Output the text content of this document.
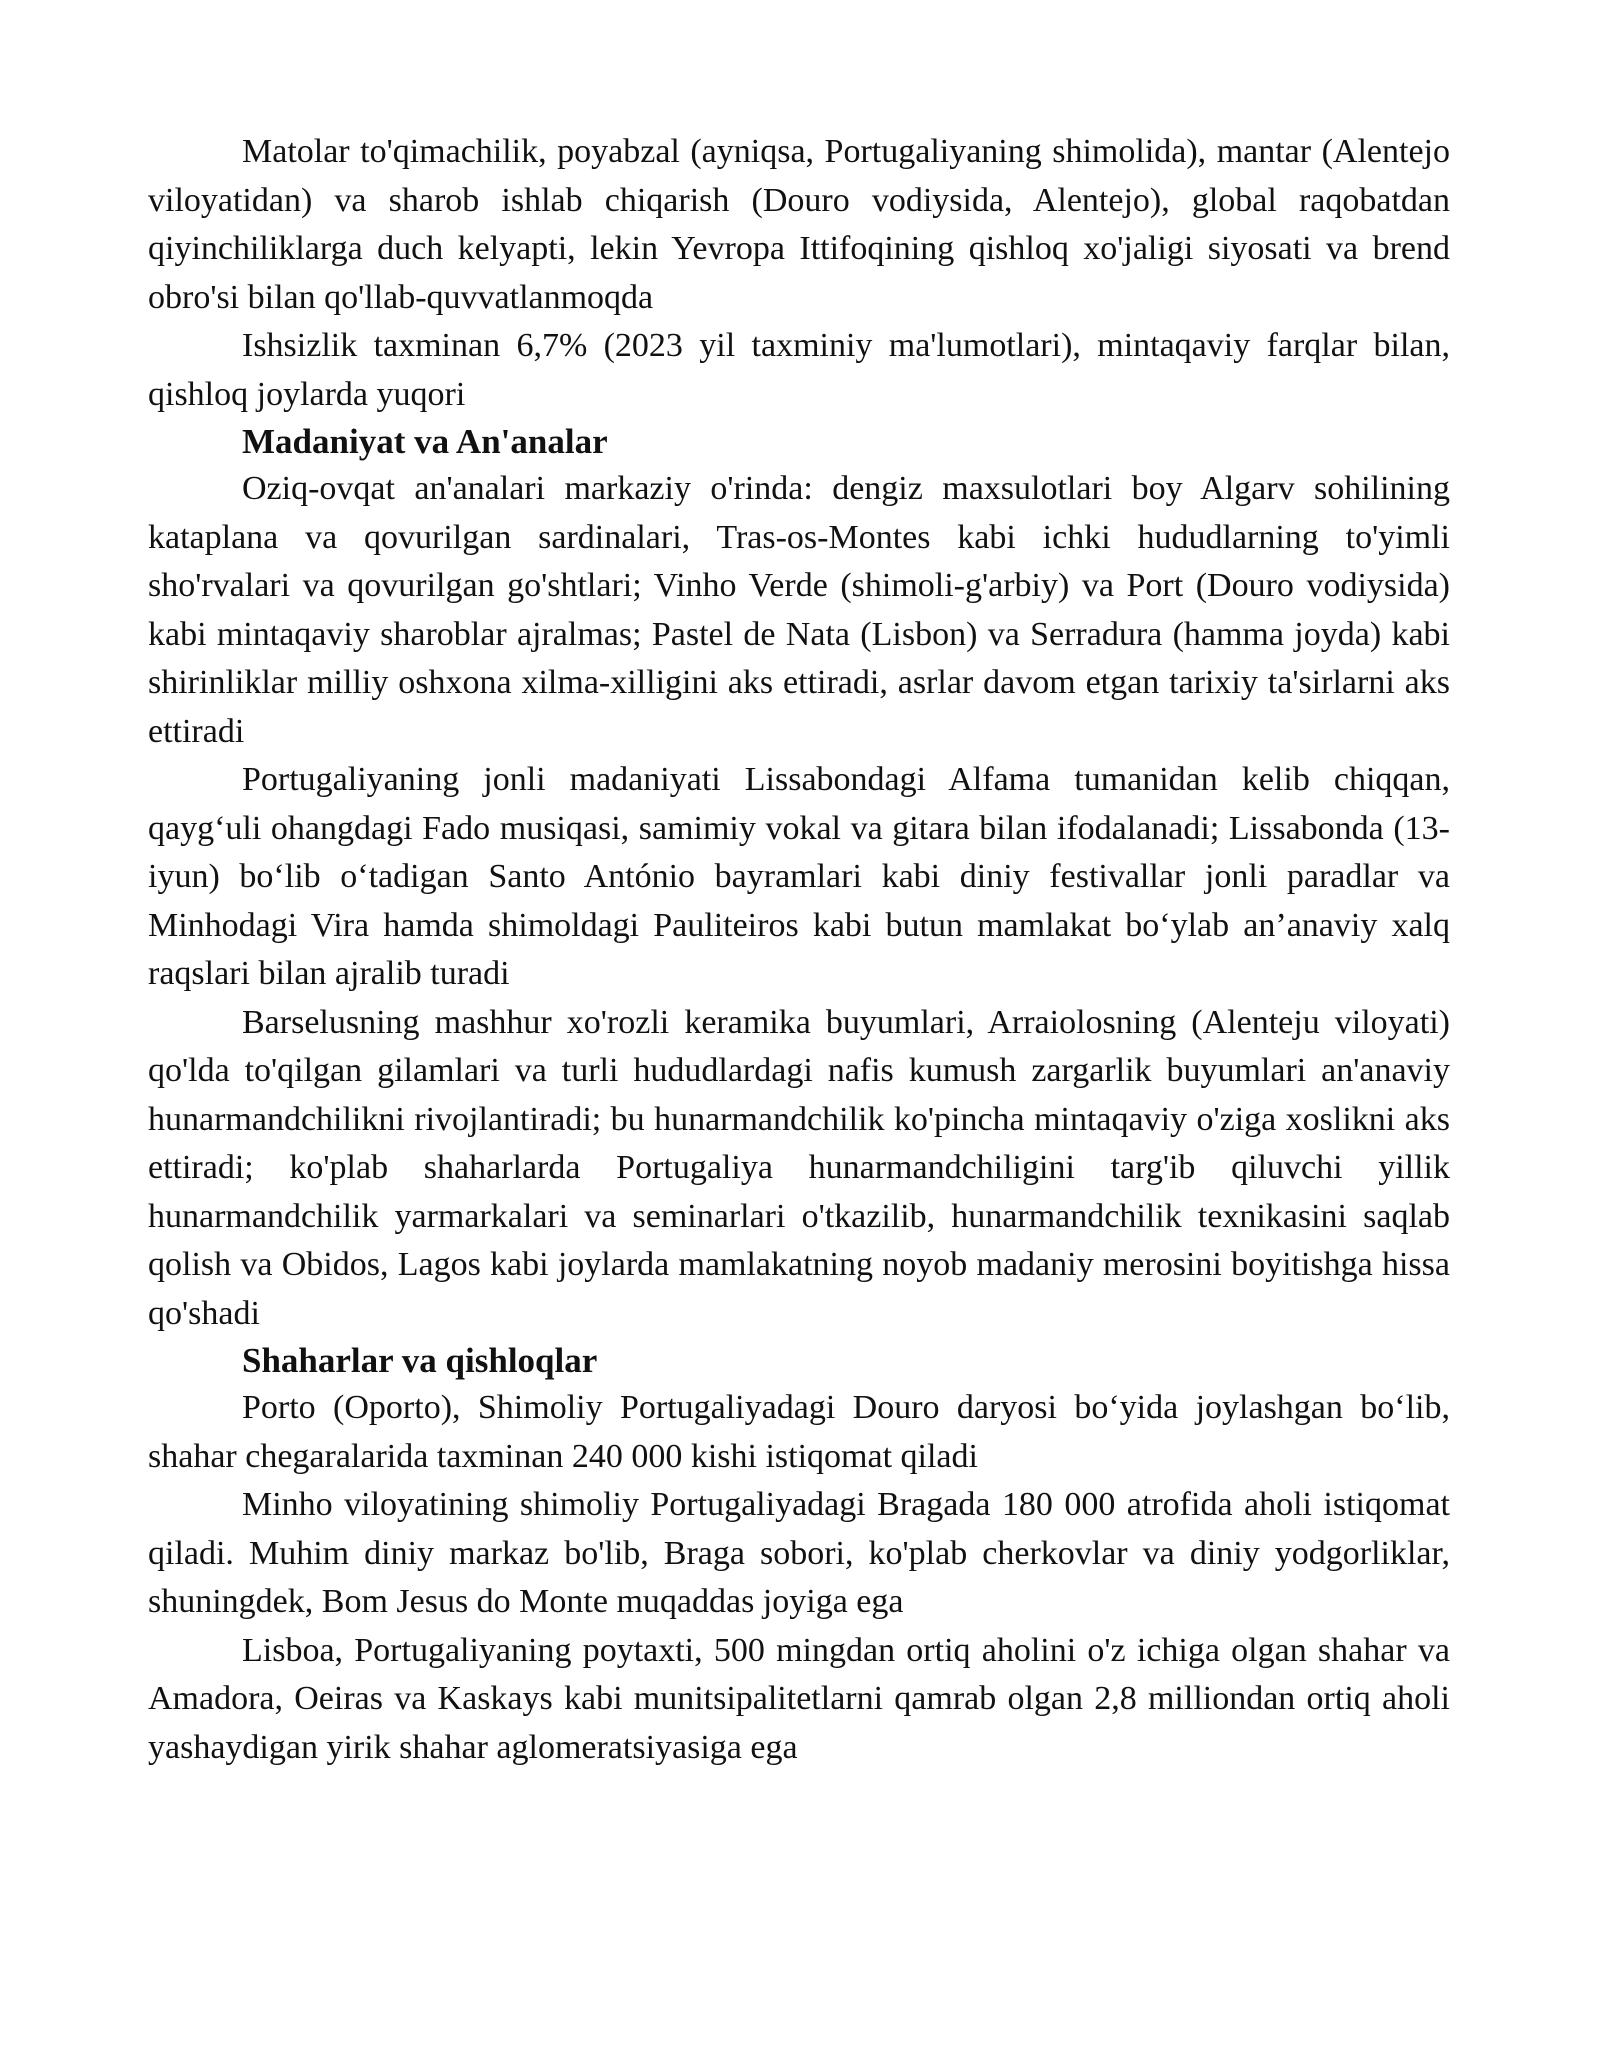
Matolar to'qimachilik, poyabzal (ayniqsa, Portugaliyaning shimolida), mantar (Alentejo viloyatidan) va sharob ishlab chiqarish (Douro vodiysida, Alentejo), global raqobatdan qiyinchiliklarga duch kelyapti, lekin Yevropa Ittifoqining qishloq xo'jaligi siyosati va brend obro'si bilan qo'llab-quvvatlanmoqda

Ishsizlik taxminan 6,7% (2023 yil taxminiy ma'lumotlari), mintaqaviy farqlar bilan, qishloq joylarda yuqori

Madaniyat va An'analar

Oziq-ovqat an'analari markaziy o'rinda: dengiz maxsulotlari boy Algarv sohilining kataplana va qovurilgan sardinalari, Tras-os-Montes kabi ichki hududlarning to'yimli sho'rvalari va qovurilgan go'shtlari; Vinho Verde (shimoli-g'arbiy) va Port (Douro vodiysida) kabi mintaqaviy sharoblar ajralmas; Pastel de Nata (Lisbon) va Serradura (hamma joyda) kabi shirinliklar milliy oshxona xilma-xilligini aks ettiradi, asrlar davom etgan tarixiy ta'sirlarni aks ettiradi

Portugaliyaning jonli madaniyati Lissabondagi Alfama tumanidan kelib chiqqan, qayg‘uli ohangdagi Fado musiqasi, samimiy vokal va gitara bilan ifodalanadi; Lissabonda (13-iyun) bo‘lib o‘tadigan Santo António bayramlari kabi diniy festivallar jonli paradlar va Minhodagi Vira hamda shimoldagi Pauliteiros kabi butun mamlakat bo‘ylab an’anaviy xalq raqslari bilan ajralib turadi

Barselusning mashhur xo'rozli keramika buyumlari, Arraiolosning (Alenteju viloyati) qo'lda to'qilgan gilamlari va turli hududlardagi nafis kumush zargarlik buyumlari an'anaviy hunarmandchilikni rivojlantiradi; bu hunarmandchilik ko'pincha mintaqaviy o'ziga xoslikni aks ettiradi; ko'plab shaharlarda Portugaliya hunarmandchiligini targ'ib qiluvchi yillik hunarmandchilik yarmarkalari va seminarlari o'tkazilib, hunarmandchilik texnikasini saqlab qolish va Obidos, Lagos kabi joylarda mamlakatning noyob madaniy merosini boyitishga hissa qo'shadi

Shaharlar va qishloqlar

Porto (Oporto), Shimoliy Portugaliyadagi Douro daryosi bo‘yida joylashgan bo‘lib, shahar chegaralarida taxminan 240 000 kishi istiqomat qiladi

Minho viloyatining shimoliy Portugaliyadagi Bragada 180 000 atrofida aholi istiqomat qiladi. Muhim diniy markaz bo'lib, Braga sobori, ko'plab cherkovlar va diniy yodgorliklar, shuningdek, Bom Jesus do Monte muqaddas joyiga ega

Lisboa, Portugaliyaning poytaxti, 500 mingdan ortiq aholini o'z ichiga olgan shahar va Amadora, Oeiras va Kaskays kabi munitsipalitetlarni qamrab olgan 2,8 milliondan ortiq aholi yashaydigan yirik shahar aglomeratsiyasiga ega
